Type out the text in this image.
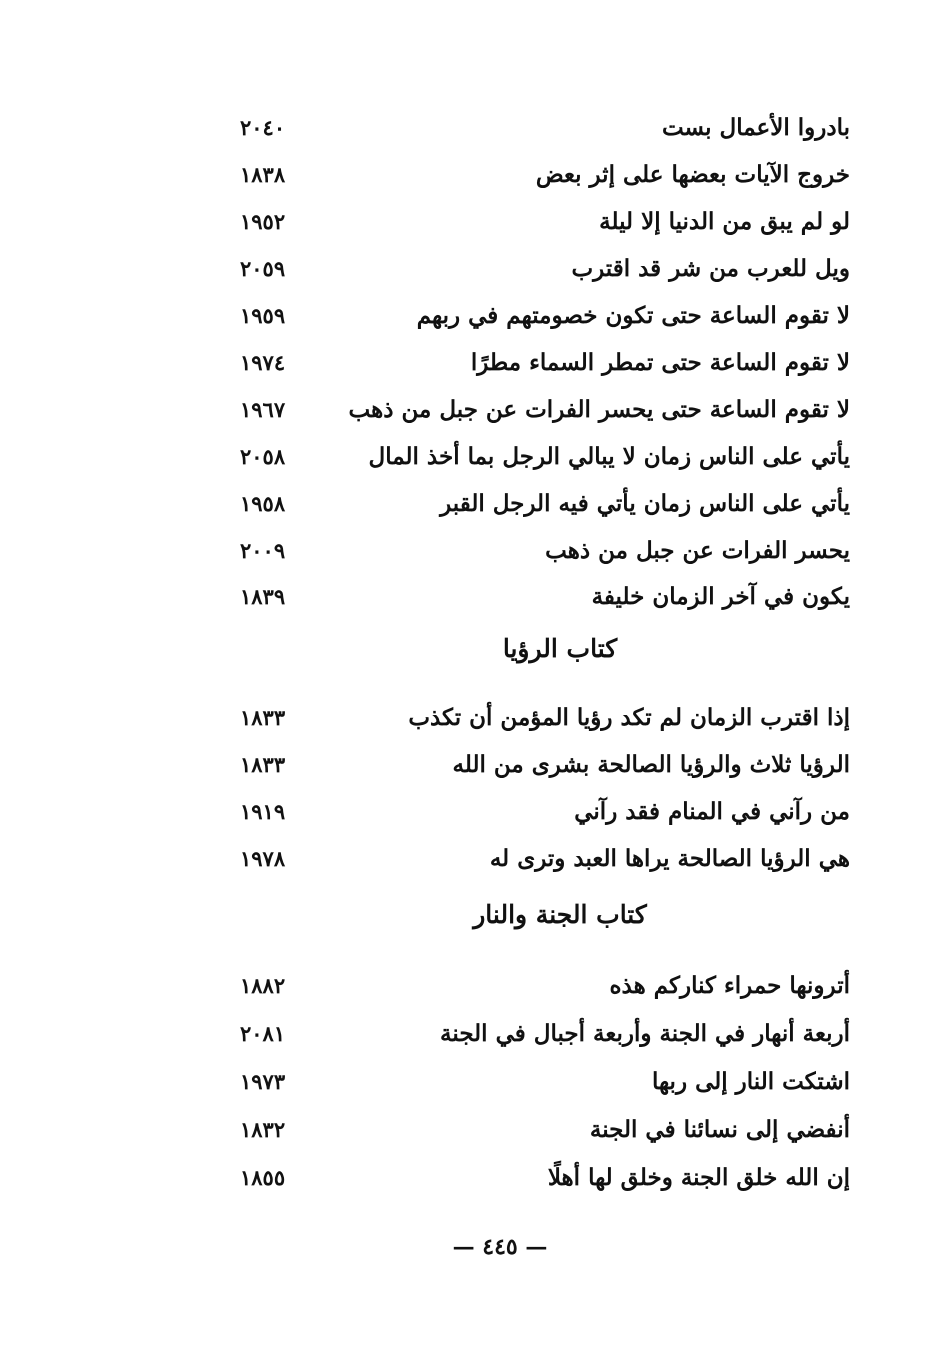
٢٠٤٠	بادروا الأعمال بست
١٨٣٨	خروج الآيات بعضها على إثر بعض
١٩٥٢	لو لم يبق من الدنيا إلا ليلة
٢٠٥٩	ويل للعرب من شر قد اقترب
١٩٥٩	لا تقوم الساعة حتى تكون خصومتهم في ربهم
١٩٧٤	لا تقوم الساعة حتى تمطر السماء مطرًا
١٩٦٧	لا تقوم الساعة حتى يحسر الفرات عن جبل من ذهب
٢٠٥٨	يأتي على الناس زمان لا يبالي الرجل بما أخذ المال
١٩٥٨	يأتي على الناس زمان يأتي فيه الرجل القبر
٢٠٠٩	يحسر الفرات عن جبل من ذهب
١٨٣٩	يكون في آخر الزمان خليفة
كتاب الرؤيا
١٨٣٣	إذا اقترب الزمان لم تكد رؤيا المؤمن أن تكذب
١٨٣٣	الرؤيا ثلاث والرؤيا الصالحة بشرى من الله
١٩١٩	من رآني في المنام فقد رآني
١٩٧٨	هي الرؤيا الصالحة يراها العبد وترى له
كتاب الجنة والنار
١٨٨٢	أترونها حمراء كناركم هذه
٢٠٨١	أربعة أنهار في الجنة وأربعة أجبال في الجنة
١٩٧٣	اشتكت النار إلى ربها
١٨٣٢	أنفضي إلى نسائنا في الجنة
١٨٥٥	إن الله خلق الجنة وخلق لها أهلًا
— ٤٤٥ —
